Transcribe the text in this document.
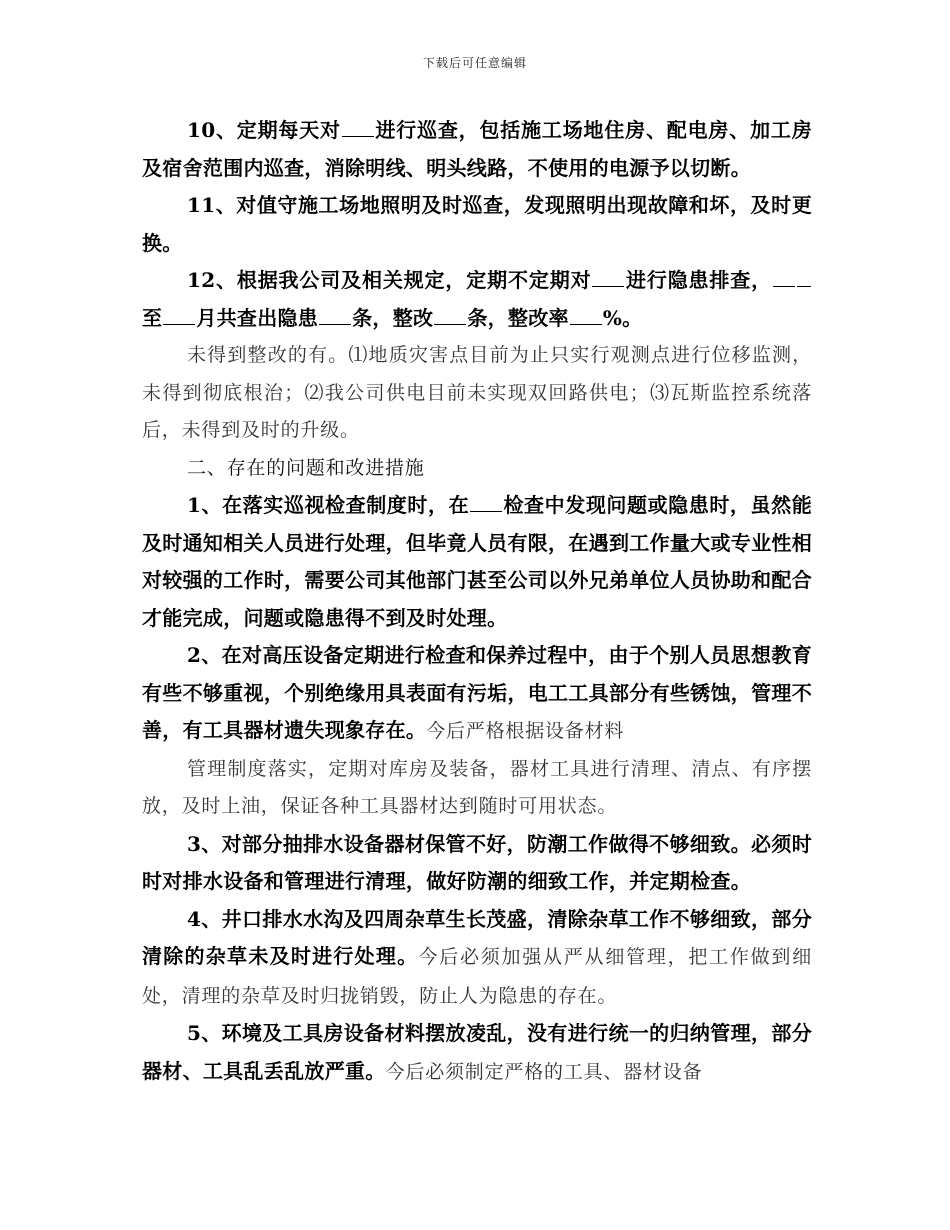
下载后可任意编辑

10、定期每天对 进行巡查，包括施工场地住房、配电房、加工房及宿舍范围内巡查，消除明线、明头线路，不使用的电源予以切断。

11、对值守施工场地照明及时巡查，发现照明出现故障和坏，及时更换。

12、根据我公司及相关规定，定期不定期对 进行隐患排查，至 月共查出隐患 条，整改 条，整改率 %。

未得到整改的有。⑴地质灾害点目前为止只实行观测点进行位移监测，未得到彻底根治；⑵我公司供电目前未实现双回路供电；⑶瓦斯监控系统落后，未得到及时的升级。

二、存在的问题和改进措施

1、在落实巡视检查制度时，在 检查中发现问题或隐患时，虽然能及时通知相关人员进行处理，但毕竟人员有限，在遇到工作量大或专业性相对较强的工作时，需要公司其他部门甚至公司以外兄弟单位人员协助和配合才能完成，问题或隐患得不到及时处理。

2、在对高压设备定期进行检查和保养过程中，由于个别人员思想教育有些不够重视，个别绝缘用具表面有污垢，电工工具部分有些锈蚀，管理不善，有工具器材遗失现象存在。今后严格根据设备材料

管理制度落实，定期对库房及装备，器材工具进行清理、清点、有序摆放，及时上油，保证各种工具器材达到随时可用状态。

3、对部分抽排水设备器材保管不好，防潮工作做得不够细致。必须时时对排水设备和管理进行清理，做好防潮的细致工作，并定期检查。

4、井口排水水沟及四周杂草生长茂盛，清除杂草工作不够细致，部分清除的杂草未及时进行处理。今后必须加强从严从细管理，把工作做到细处，清理的杂草及时归拢销毁，防止人为隐患的存在。

5、环境及工具房设备材料摆放凌乱，没有进行统一的归纳管理，部分器材、工具乱丢乱放严重。今后必须制定严格的工具、器材设备
